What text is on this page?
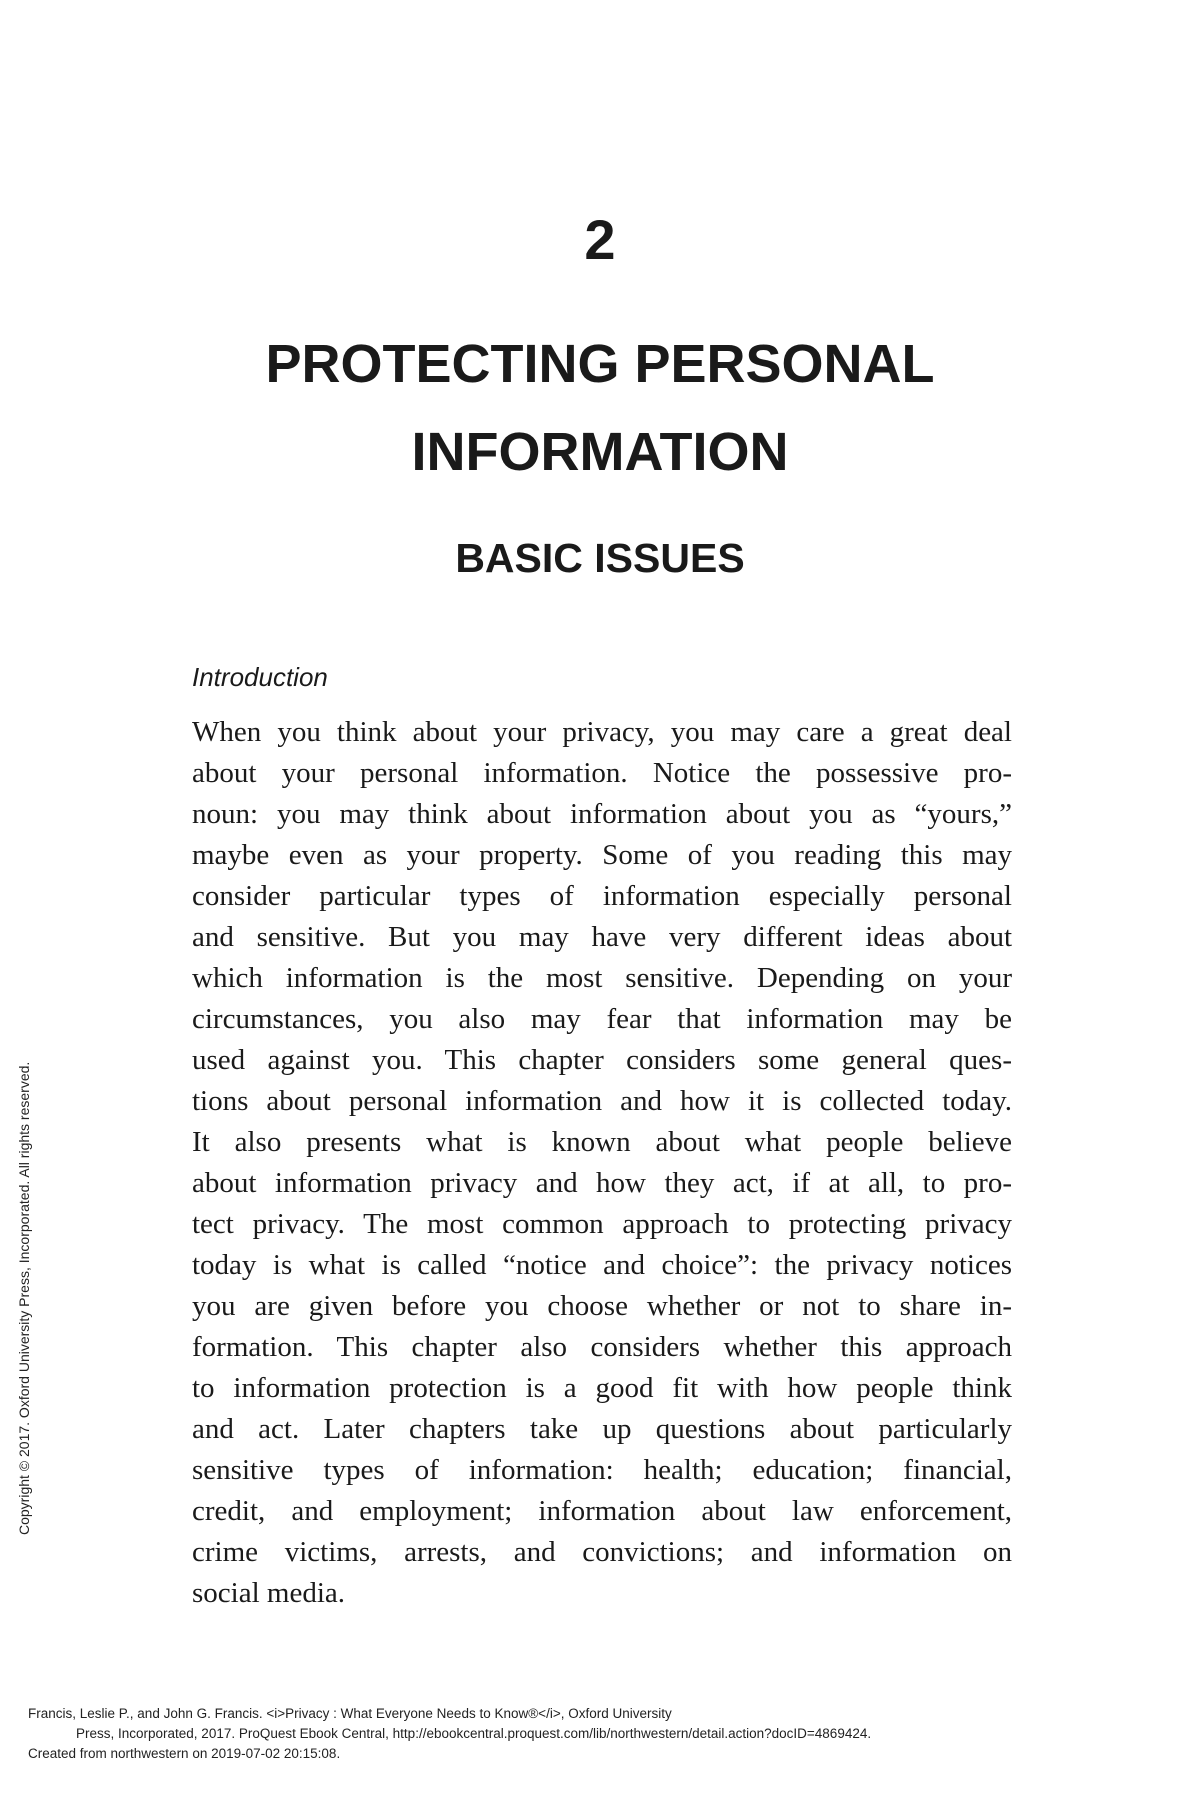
2
PROTECTING PERSONAL
INFORMATION
BASIC ISSUES
Introduction
When you think about your privacy, you may care a great deal
about your personal information. Notice the possessive pro-
noun: you may think about information about you as “yours,”
maybe even as your property. Some of you reading this may
consider particular types of information especially personal
and sensitive. But you may have very different ideas about
which information is the most sensitive. Depending on your
circumstances, you also may fear that information may be
used against you. This chapter considers some general ques-
tions about personal information and how it is collected today.
It also presents what is known about what people believe
about information privacy and how they act, if at all, to pro-
tect privacy. The most common approach to protecting privacy
today is what is called “notice and choice”: the privacy notices
you are given before you choose whether or not to share in-
formation. This chapter also considers whether this approach
to information protection is a good fit with how people think
and act. Later chapters take up questions about particularly
sensitive types of information: health; education; financial,
credit, and employment; information about law enforcement,
crime victims, arrests, and convictions; and information on
social media.
Copyright © 2017. Oxford University Press, Incorporated. All rights reserved.
Francis, Leslie P., and John G. Francis. <i>Privacy : What Everyone Needs to Know®</i>, Oxford University
Press, Incorporated, 2017. ProQuest Ebook Central, http://ebookcentral.proquest.com/lib/northwestern/detail.action?docID=4869424.
Created from northwestern on 2019-07-02 20:15:08.
